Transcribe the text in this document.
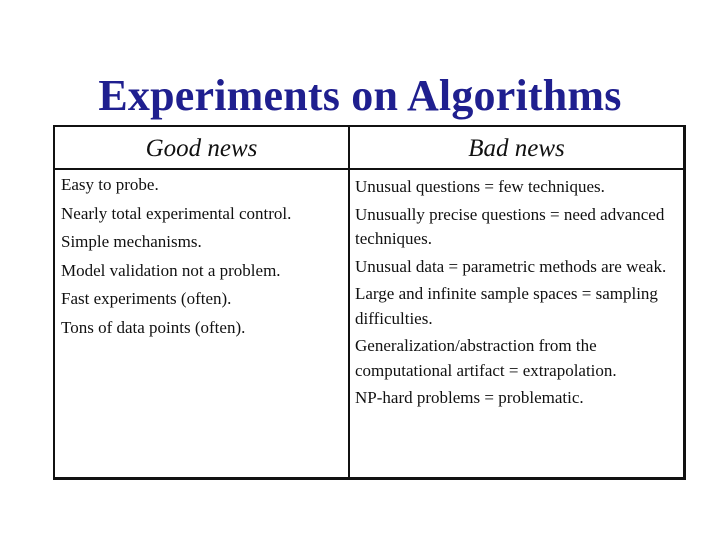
Experiments on Algorithms
Good news	Bad news
Easy to probe.
Nearly total experimental control.
Simple mechanisms.
Model validation not a problem.
Fast experiments (often).
Tons of data points (often).
Unusual questions = few techniques.
Unusually precise questions = need advanced techniques.
Unusual data = parametric methods are weak.
Large and infinite sample spaces = sampling difficulties.
Generalization/abstraction from the computational artifact = extrapolation.
NP-hard problems = problematic.
